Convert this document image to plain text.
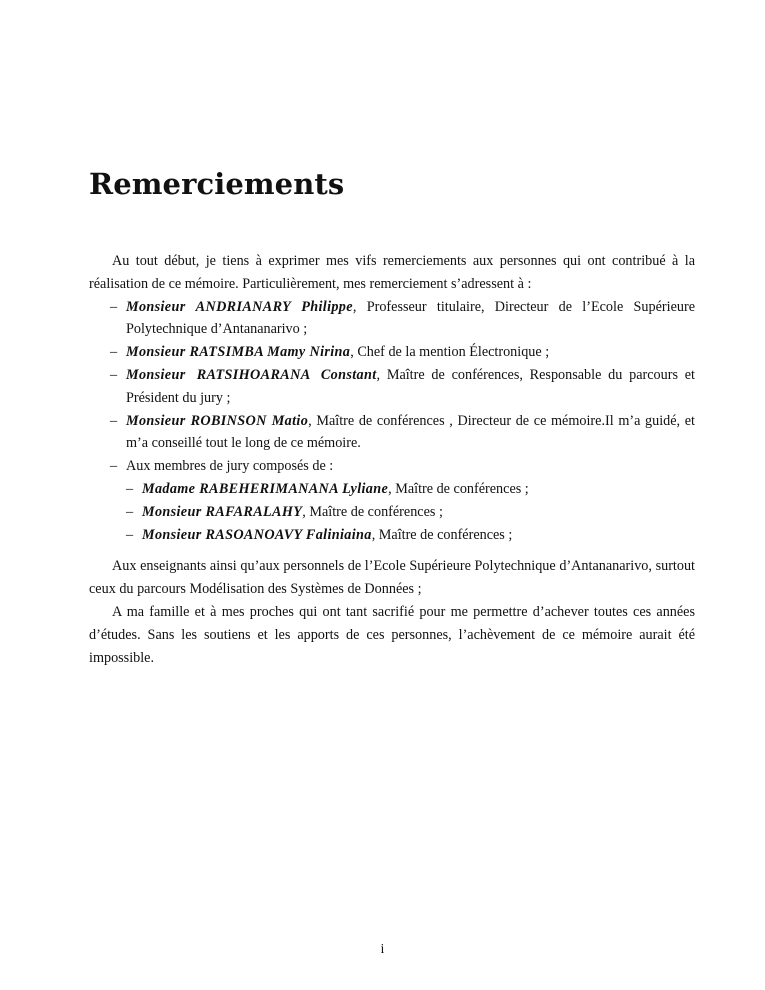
Remerciements

Au tout début, je tiens à exprimer mes vifs remerciements aux personnes qui ont contribué à la réalisation de ce mémoire. Particulièrement, mes remerciement s’adressent à :

– Monsieur ANDRIANARY Philippe, Professeur titulaire, Directeur de l’Ecole Supérieure Polytechnique d’Antananarivo ;
– Monsieur RATSIMBA Mamy Nirina, Chef de la mention Électronique ;
– Monsieur RATSIHOARANA Constant, Maître de conférences, Responsable du parcours et Président du jury ;
– Monsieur ROBINSON Matio, Maître de conférences , Directeur de ce mémoire.Il m’a guidé, et m’a conseillé tout le long de ce mémoire.
– Aux membres de jury composés de :
– Madame RABEHERIMANANA Lyliane, Maître de conférences ;
– Monsieur RAFARALAHY, Maître de conférences ;
– Monsieur RASOANOAVY Faliniaina, Maître de conférences ;

Aux enseignants ainsi qu’aux personnels de l’Ecole Supérieure Polytechnique d’Antananarivo, surtout ceux du parcours Modélisation des Systèmes de Données ;

A ma famille et à mes proches qui ont tant sacrifié pour me permettre d’achever toutes ces années d’études. Sans les soutiens et les apports de ces personnes, l’achèvement de ce mémoire aurait été impossible.

i
